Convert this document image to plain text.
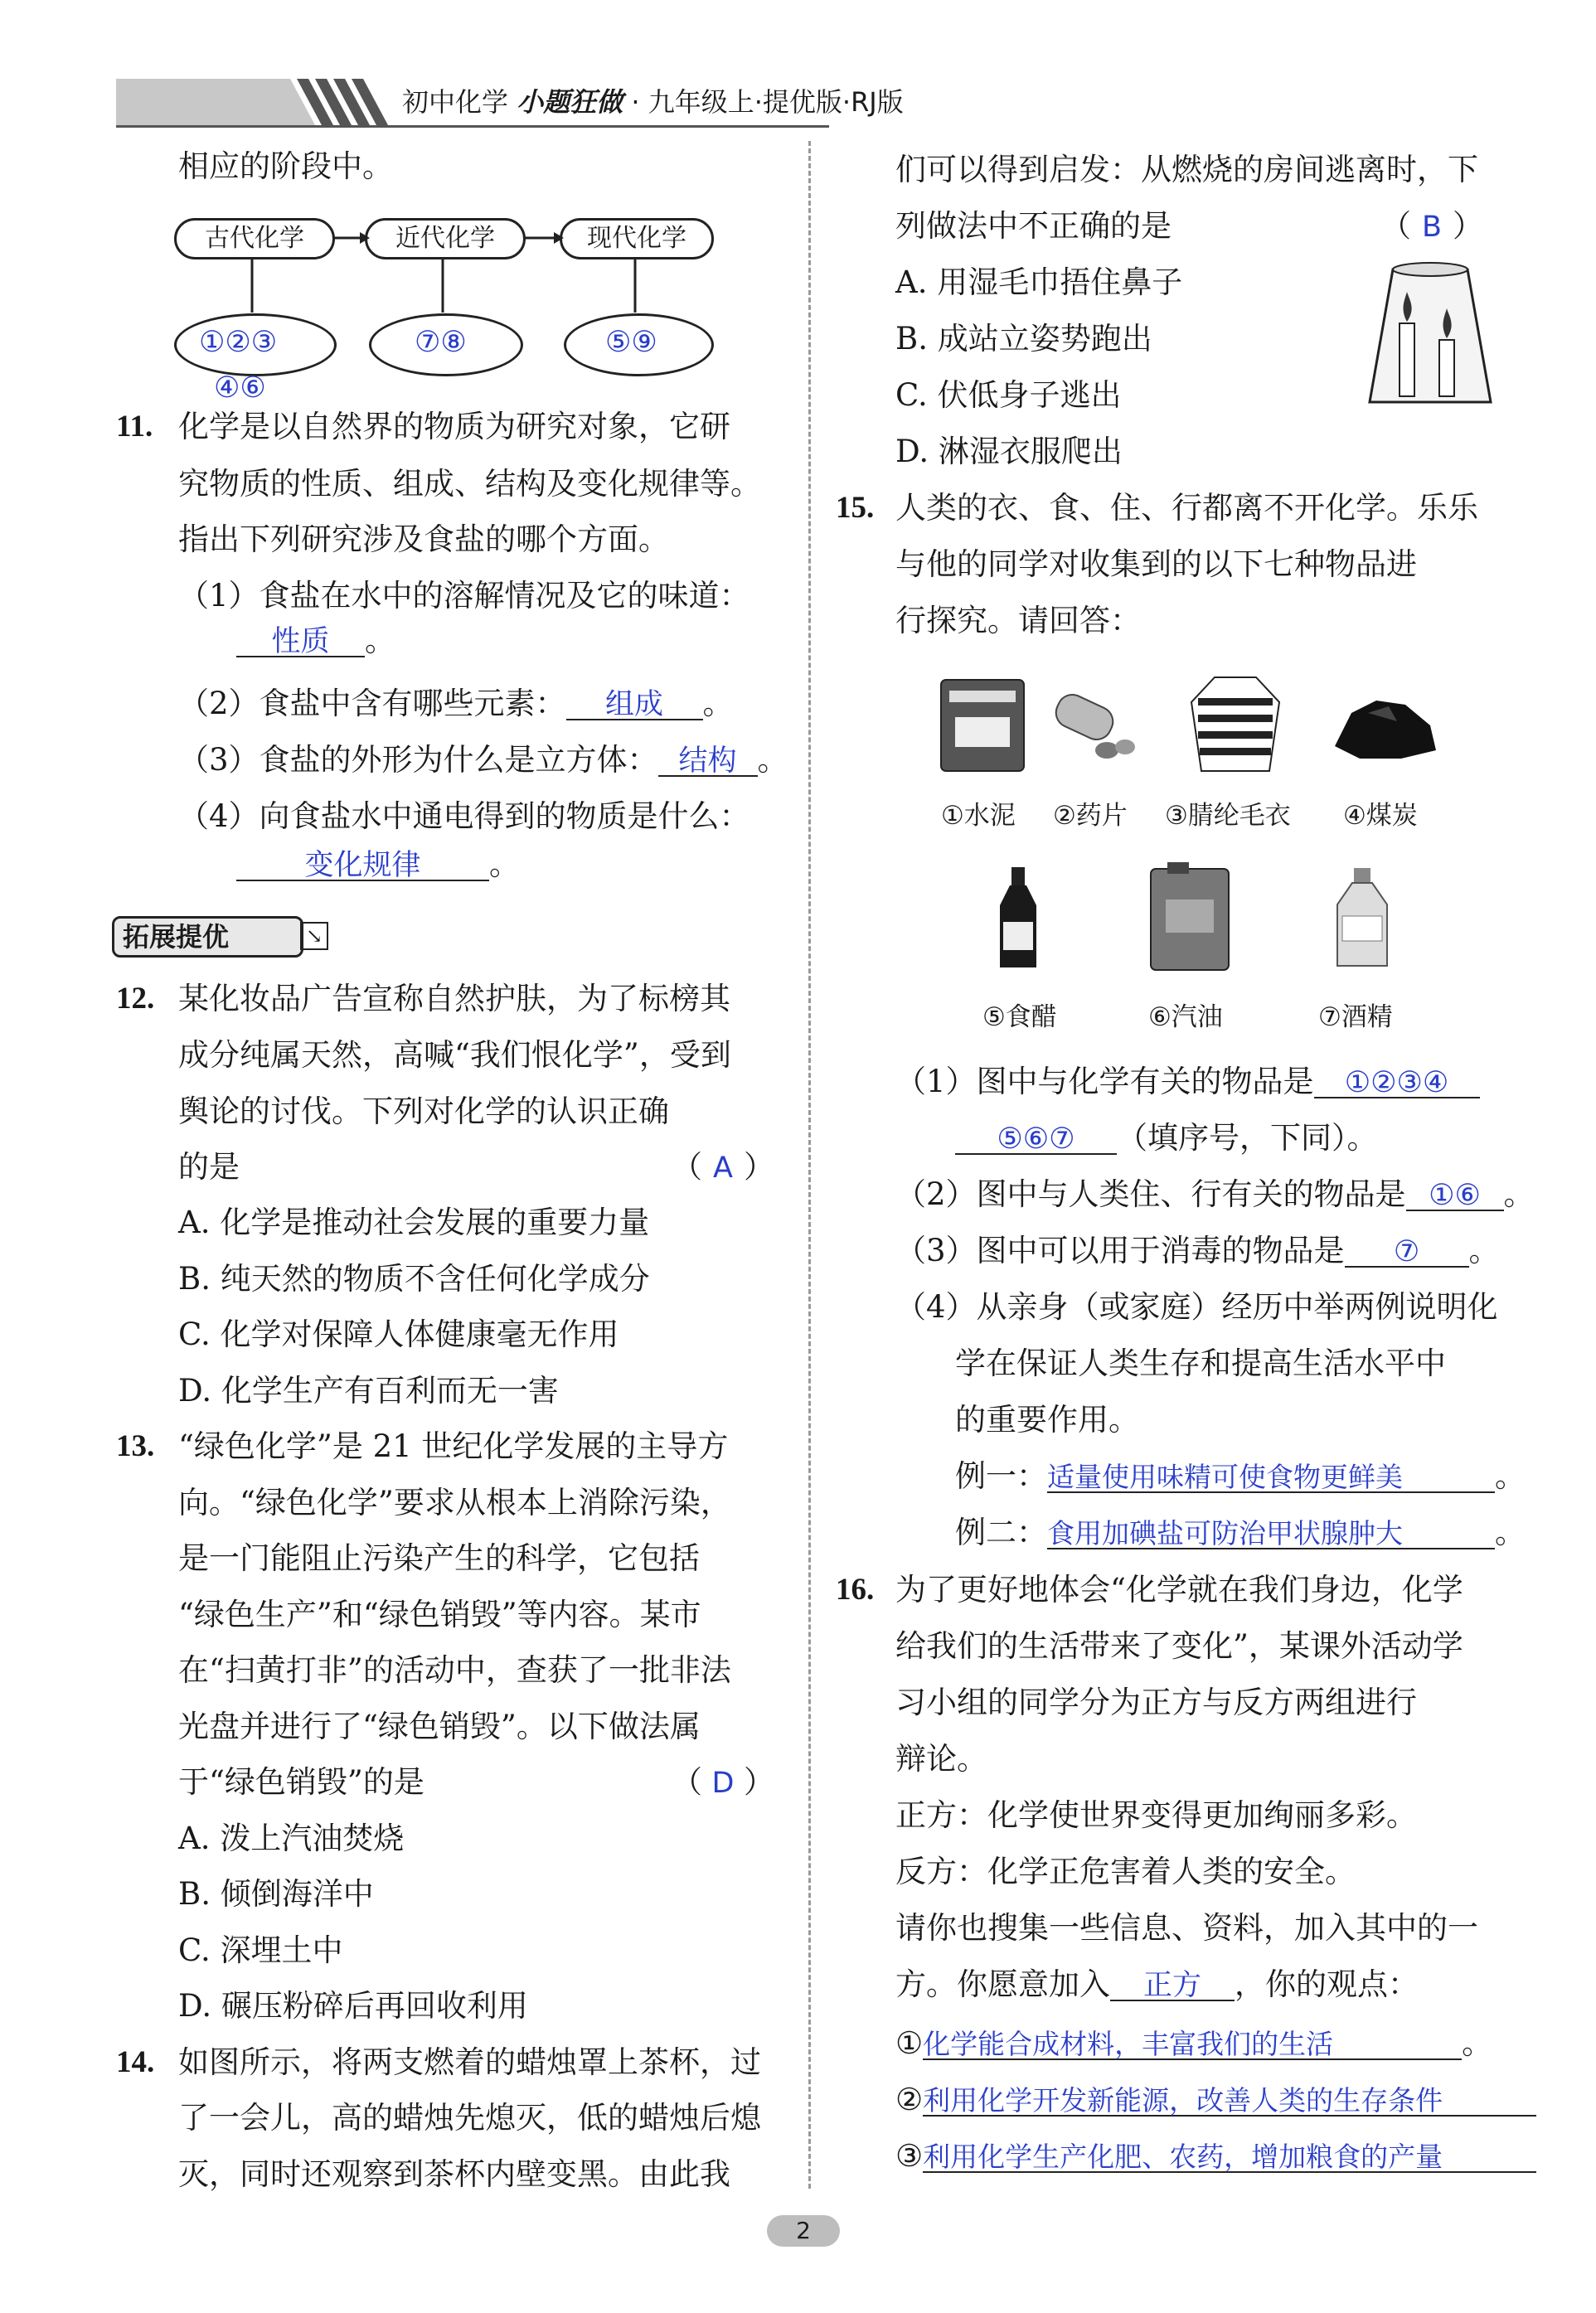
初中化学 小题狂做 · 九年级上·提优版·RJ版
相应的阶段中。
古代化学	近代化学	现代化学
①②③
④⑥
⑦⑧	⑤⑨
11. 化学是以自然界的物质为研究对象，它研
究物质的性质、组成、结构及变化规律等。
指出下列研究涉及食盐的哪个方面。
（1）食盐在水中的溶解情况及它的味道：
性质 。
（2）食盐中含有哪些元素： 组成 。
（3）食盐的外形为什么是立方体： 结构 。
（4）向食盐水中通电得到的物质是什么：
变化规律 。
拓展提优	↘
12. 某化妆品广告宣称自然护肤，为了标榜其
成分纯属天然，高喊“我们恨化学”，受到
舆论的讨伐。下列对化学的认识正确
的是	（ A ）
A. 化学是推动社会发展的重要力量
B. 纯天然的物质不含任何化学成分
C. 化学对保障人体健康毫无作用
D. 化学生产有百利而无一害
13. “绿色化学”是 21 世纪化学发展的主导方
向。“绿色化学”要求从根本上消除污染，
是一门能阻止污染产生的科学，它包括
“绿色生产”和“绿色销毁”等内容。某市
在“扫黄打非”的活动中，查获了一批非法
光盘并进行了“绿色销毁”。以下做法属
于“绿色销毁”的是	（ D ）
A. 泼上汽油焚烧
B. 倾倒海洋中
C. 深埋土中
D. 碾压粉碎后再回收利用
14. 如图所示，将两支燃着的蜡烛罩上茶杯，过
了一会儿，高的蜡烛先熄灭，低的蜡烛后熄
灭，同时还观察到茶杯内壁变黑。由此我
们可以得到启发：从燃烧的房间逃离时，下
列做法中不正确的是	（ B ）
A. 用湿毛巾捂住鼻子
B. 成站立姿势跑出
C. 伏低身子逃出
D. 淋湿衣服爬出
15. 人类的衣、食、住、行都离不开化学。乐乐
与他的同学对收集到的以下七种物品进
行探究。请回答：
①水泥 ②药片 ③腈纶毛衣 ④煤炭
⑤食醋	⑥汽油	⑦酒精
（1）图中与化学有关的物品是 ①②③④
⑤⑥⑦ （填序号，下同）。
（2）图中与人类住、行有关的物品是 ①⑥ 。
（3）图中可以用于消毒的物品是 ⑦ 。
（4）从亲身（或家庭）经历中举两例说明化
学在保证人类生存和提高生活水平中
的重要作用。
例一：适量使用味精可使食物更鲜美	。
例二：食用加碘盐可防治甲状腺肿大	。
16. 为了更好地体会“化学就在我们身边，化学
给我们的生活带来了变化”，某课外活动学
习小组的同学分为正方与反方两组进行
辩论。
正方：化学使世界变得更加绚丽多彩。
反方：化学正危害着人类的安全。
请你也搜集一些信息、资料，加入其中的一
方。你愿意加入 正方 ，你的观点：
①化学能合成材料，丰富我们的生活	。
②利用化学开发新能源，改善人类的生存条件
③利用化学生产化肥、农药，增加粮食的产量
2
